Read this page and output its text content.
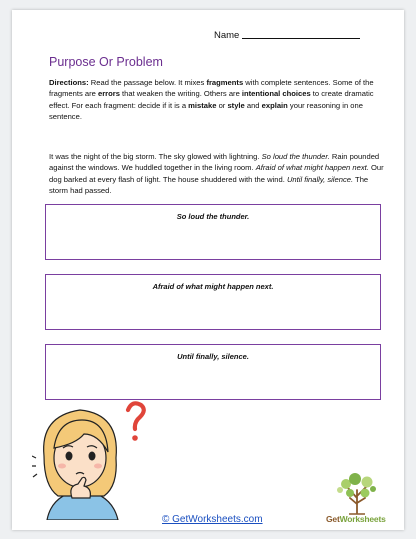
Name
Purpose Or Problem
Directions: Read the passage below. It mixes fragments with complete sentences. Some of the fragments are errors that weaken the writing. Others are intentional choices to create dramatic effect. For each fragment: decide if it is a mistake or style and explain your reasoning in one sentence.
It was the night of the big storm. The sky glowed with lightning. So loud the thunder. Rain pounded against the windows. We huddled together in the living room. Afraid of what might happen next. Our dog barked at every flash of light. The house shuddered with the wind. Until finally, silence. The storm had passed.
So loud the thunder.
Afraid of what might happen next.
Until finally, silence.
© GetWorksheets.com	GetWorksheets
